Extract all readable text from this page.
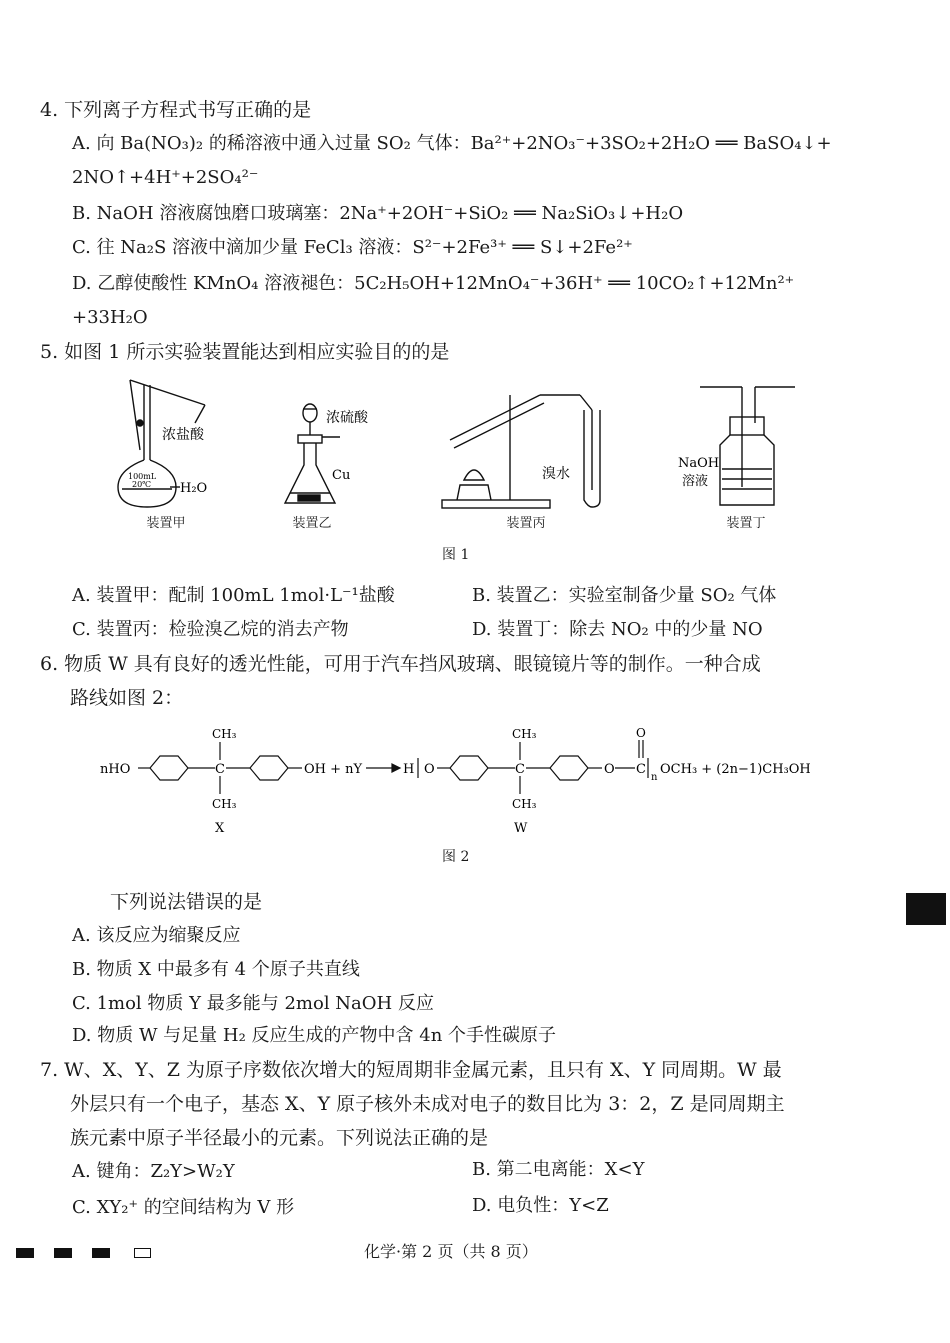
4. 下列离子方程式书写正确的是
A. 向 Ba(NO₃)₂ 的稀溶液中通入过量 SO₂ 气体：Ba²⁺+2NO₃⁻+3SO₂+2H₂O ══ BaSO₄↓+
2NO↑+4H⁺+2SO₄²⁻
B. NaOH 溶液腐蚀磨口玻璃塞：2Na⁺+2OH⁻+SiO₂ ══ Na₂SiO₃↓+H₂O
C. 往 Na₂S 溶液中滴加少量 FeCl₃ 溶液：S²⁻+2Fe³⁺ ══ S↓+2Fe²⁺
D. 乙醇使酸性 KMnO₄ 溶液褪色：5C₂H₅OH+12MnO₄⁻+36H⁺ ══ 10CO₂↑+12Mn²⁺
+33H₂O
5. 如图 1 所示实验装置能达到相应实验目的的是
浓盐酸
H₂O
100mL
20℃
浓硫酸
Cu	溴水
NaOH
溶液
装置甲	装置乙	装置丙	装置丁
图 1
A. 装置甲：配制 100mL 1mol·L⁻¹盐酸	B. 装置乙：实验室制备少量 SO₂ 气体
C. 装置丙：检验溴乙烷的消去产物	D. 装置丁：除去 NO₂ 中的少量 NO
6. 物质 W 具有良好的透光性能，可用于汽车挡风玻璃、眼镜镜片等的制作。一种合成
路线如图 2：
nHO
CH₃
C
CH₃
OH + nY	H O
CH₃
C
CH₃
O
O
C
n
OCH₃ + (2n−1)CH₃OH
X	W
图 2
下列说法错误的是
A. 该反应为缩聚反应
B. 物质 X 中最多有 4 个原子共直线
C. 1mol 物质 Y 最多能与 2mol NaOH 反应
D. 物质 W 与足量 H₂ 反应生成的产物中含 4n 个手性碳原子
7. W、X、Y、Z 为原子序数依次增大的短周期非金属元素，且只有 X、Y 同周期。W 最
外层只有一个电子，基态 X、Y 原子核外未成对电子的数目比为 3：2，Z 是同周期主
族元素中原子半径最小的元素。下列说法正确的是
A. 键角：Z₂Y>W₂Y	B. 第二电离能：X<Y
C. XY₂⁺ 的空间结构为 V 形	D. 电负性：Y<Z
化学·第 2 页（共 8 页）
